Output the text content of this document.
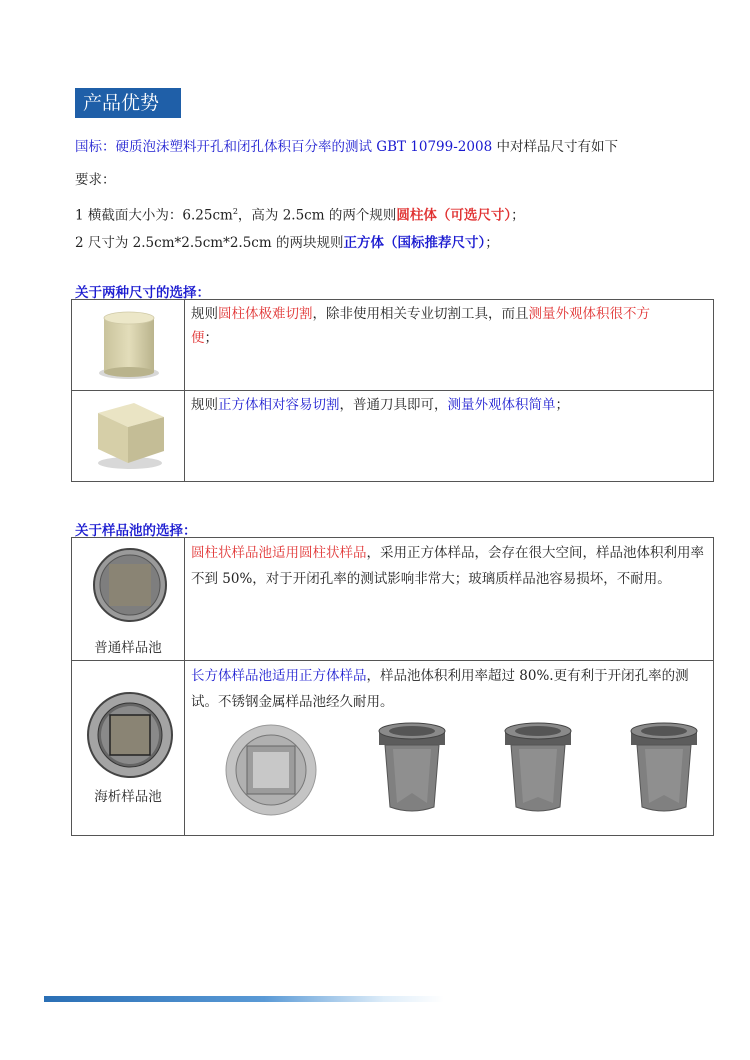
产品优势
国标：硬质泡沫塑料开孔和闭孔体积百分率的测试 GBT 10799-2008 中对样品尺寸有如下
要求：
1 横截面大小为：$6.25cm^2$，高为 2.5cm 的两个规则圆柱体（可选尺寸）；
2 尺寸为 2.5cm*2.5cm*2.5cm 的两块规则正方体（国标推荐尺寸）；
关于两种尺寸的选择：

规则圆柱体极难切割，除非使用相关专业切割工具，而且测量外观体积很不方
便；

规则正方体相对容易切割，普通刀具即可，测量外观体积简单；
关于样品池的选择：
普通样品池	圆柱状样品池适用圆柱状样品，采用正方体样品，会存在很大空间，样品池体积利用率不到 50%，对于开闭孔率的测试影响非常大；玻璃质样品池容易损坏，不耐用。

海析样品池	长方体样品池适用正方体样品，样品池体积利用率超过 80%.更有利于开闭孔率的测试。不锈钢金属样品池经久耐用。
